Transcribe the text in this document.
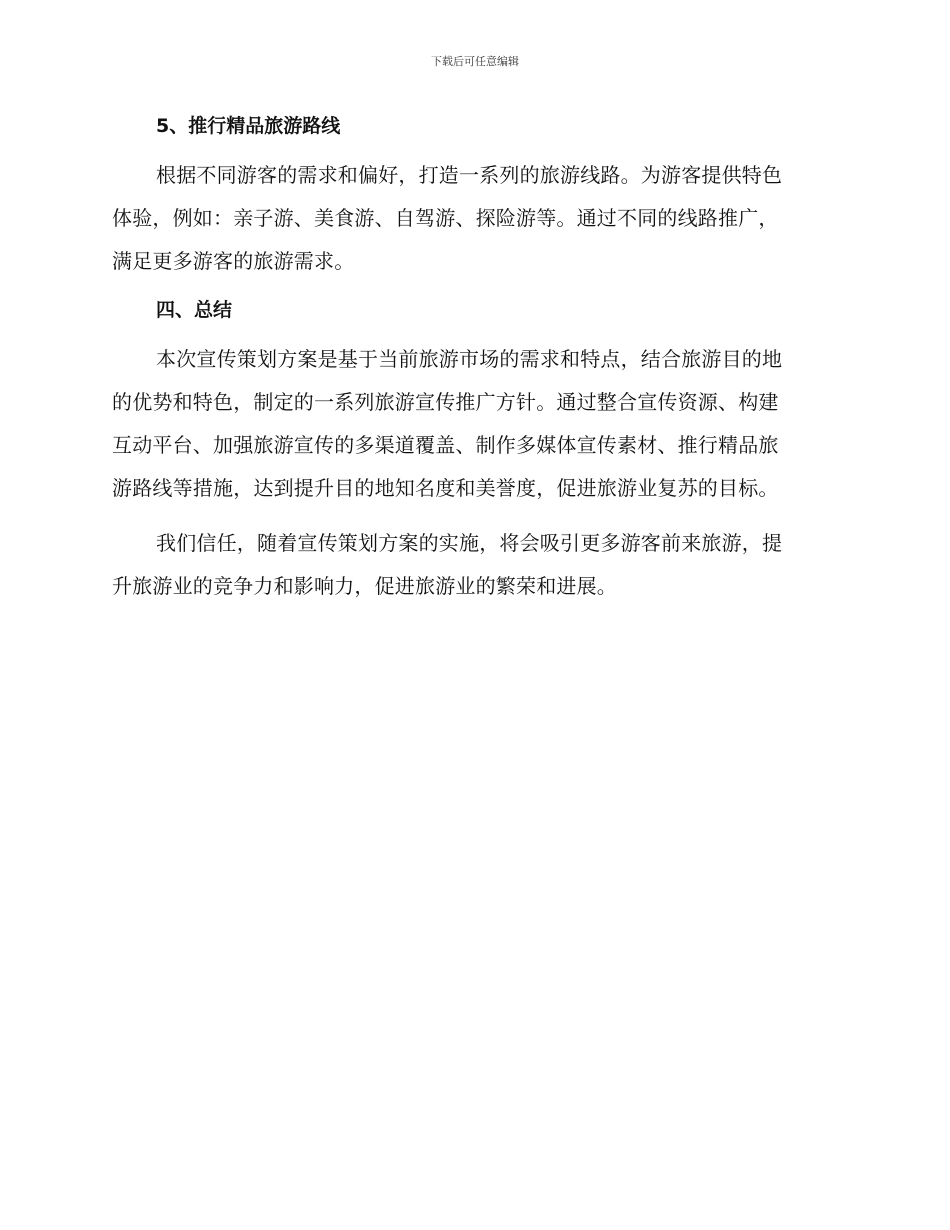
下载后可任意编辑
5、推行精品旅游路线
根据不同游客的需求和偏好，打造一系列的旅游线路。为游客提供特色
体验，例如：亲子游、美食游、自驾游、探险游等。通过不同的线路推广，
满足更多游客的旅游需求。
四、总结
本次宣传策划方案是基于当前旅游市场的需求和特点，结合旅游目的地
的优势和特色，制定的一系列旅游宣传推广方针。通过整合宣传资源、构建
互动平台、加强旅游宣传的多渠道覆盖、制作多媒体宣传素材、推行精品旅
游路线等措施，达到提升目的地知名度和美誉度，促进旅游业复苏的目标。
我们信任，随着宣传策划方案的实施，将会吸引更多游客前来旅游，提
升旅游业的竞争力和影响力，促进旅游业的繁荣和进展。
